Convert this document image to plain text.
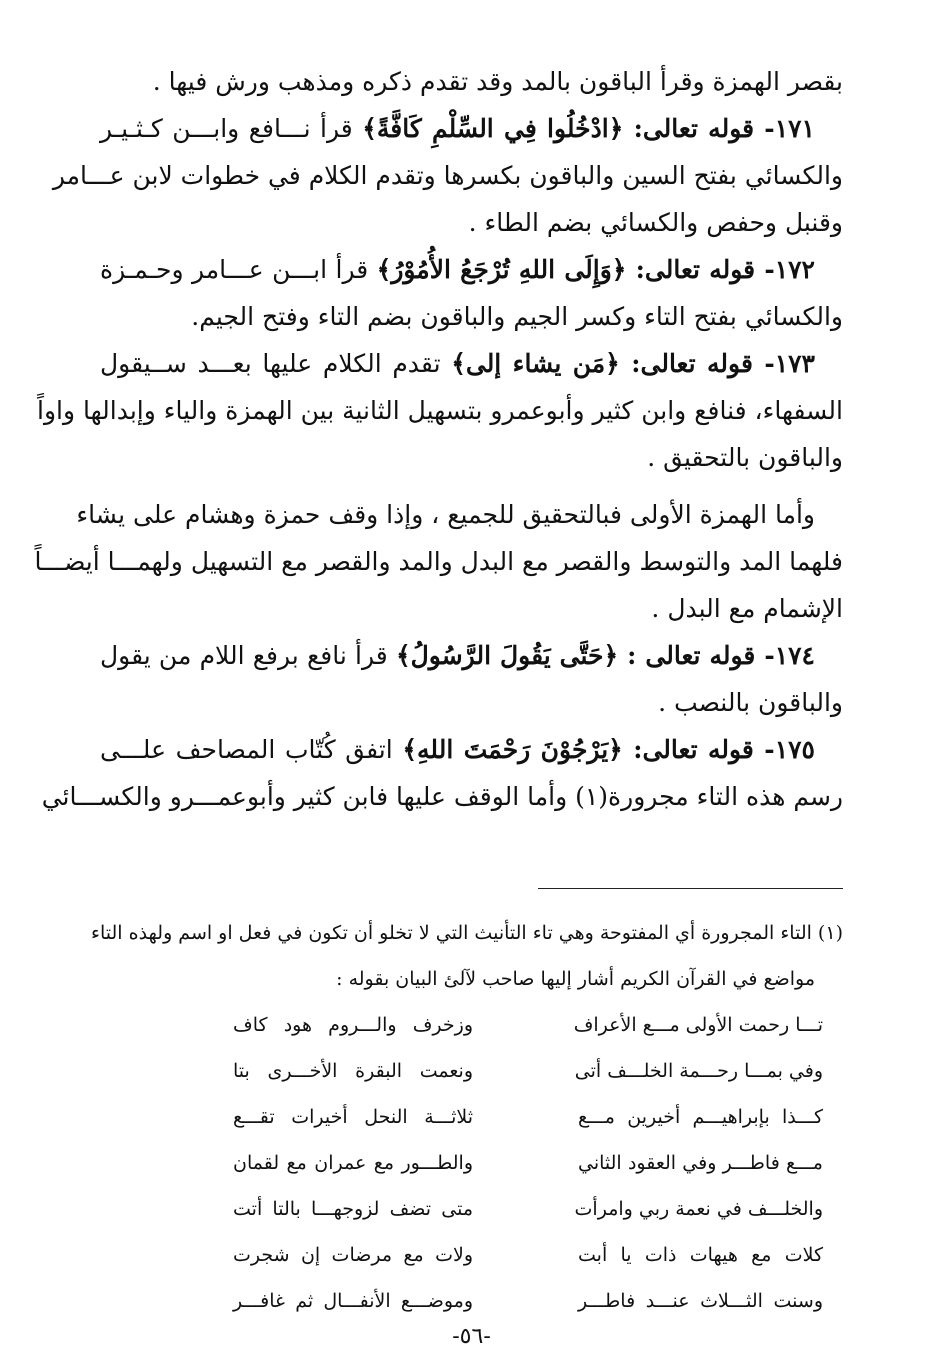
بقصر الهمزة وقرأ الباقون بالمد وقد تقدم ذكره ومذهب ورش فيها .
١٧١- قوله تعالى: ﴿ادْخُلُوا فِي السِّلْمِ كَافَّةً﴾ قرأ نـــافع وابـــن كـثـيـر
والكسائي بفتح السين والباقون بكسرها وتقدم الكلام في خطوات لابن عـــامر
وقنبل وحفص والكسائي بضم الطاء .
١٧٢- قوله تعالى: ﴿وَإِلَى اللهِ تُرْجَعُ الأُمُوْرُ﴾ قرأ ابـــن عـــامر وحـمـزة
والكسائي بفتح التاء وكسر الجيم والباقون بضم التاء وفتح الجيم.
١٧٣- قوله تعالى: ﴿مَن يشاء إلى﴾ تقدم الكلام عليها بعـــد ســيقول
السفهاء، فنافع وابن كثير وأبوعمرو بتسهيل الثانية بين الهمزة والياء وإبدالها واواً
والباقون بالتحقيق .
وأما الهمزة الأولى فبالتحقيق للجميع ، وإذا وقف حمزة وهشام على يشاء
فلهما المد والتوسط والقصر مع البدل والمد والقصر مع التسهيل ولهمـــا أيضـــاً
الإشمام مع البدل .
١٧٤- قوله تعالى : ﴿حَتَّى يَقُولَ الرَّسُولُ﴾ قرأ نافع برفع اللام من يقول
والباقون بالنصب .
١٧٥- قوله تعالى: ﴿يَرْجُوْنَ رَحْمَتَ اللهِ﴾ اتفق كُتّاب المصاحف علـــى
رسم هذه التاء مجرورة(١) وأما الوقف عليها فابن كثير وأبوعمـــرو والكســـائي
(١) التاء المجرورة أي المفتوحة وهي تاء التأنيث التي لا تخلو أن تكون في فعل او اسم ولهذه التاء
مواضع في القرآن الكريم أشار إليها صاحب لآلئ البيان بقوله :
تـــا رحمت الأولى مـــع الأعراف
وزخرف والـــروم هود كاف
وفي بمـــا رحـــمة الخلـــف أتى
ونعمت البقرة الأخـــرى بتا
كـــذا بإبراهيـــم أخيرين مـــع
ثلاثـــة النحل أخيرات تقـــع
مـــع فاطـــر وفي العقود الثاني
والطـــور مع عمران مع لقمان
والخلـــف في نعمة ربي وامرأت
متى تضف لزوجهـــا بالتا أتت
كلات مع هيهات ذات يا أبت
ولات مع مرضات إن شجرت
وسنت الثـــلاث عنـــد فاطـــر
وموضـــع الأنفـــال ثم غافـــر
-٥٦-
